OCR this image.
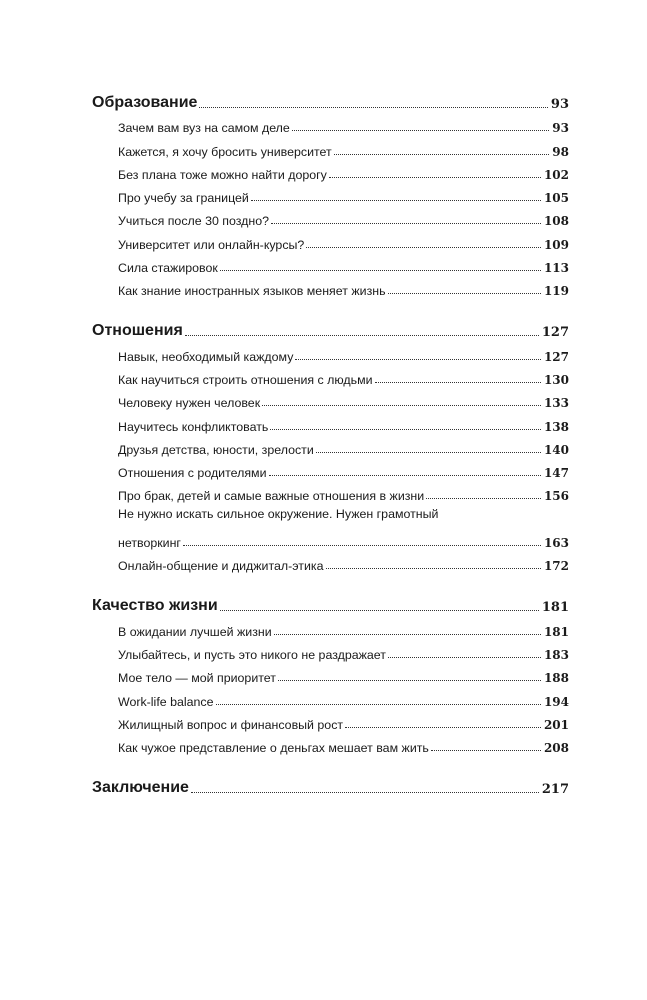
Образование	93
Зачем вам вуз на самом деле	93
Кажется, я хочу бросить университет	98
Без плана тоже можно найти дорогу	102
Про учебу за границей	105
Учиться после 30 поздно?	108
Университет или онлайн-курсы?	109
Сила стажировок	113
Как знание иностранных языков меняет жизнь	119
Отношения	127
Навык, необходимый каждому	127
Как научиться строить отношения с людьми	130
Человеку нужен человек	133
Научитесь конфликтовать	138
Друзья детства, юности, зрелости	140
Отношения с родителями	147
Про брак, детей и самые важные отношения в жизни	156
Не нужно искать сильное окружение. Нужен грамотный
нетворкинг	163
Онлайн-общение и диджитал-этика	172
Качество жизни	181
В ожидании лучшей жизни	181
Улыбайтесь, и пусть это никого не раздражает	183
Мое тело — мой приоритет	188
Work-life balance	194
Жилищный вопрос и финансовый рост	201
Как чужое представление о деньгах мешает вам жить	208
Заключение	217
